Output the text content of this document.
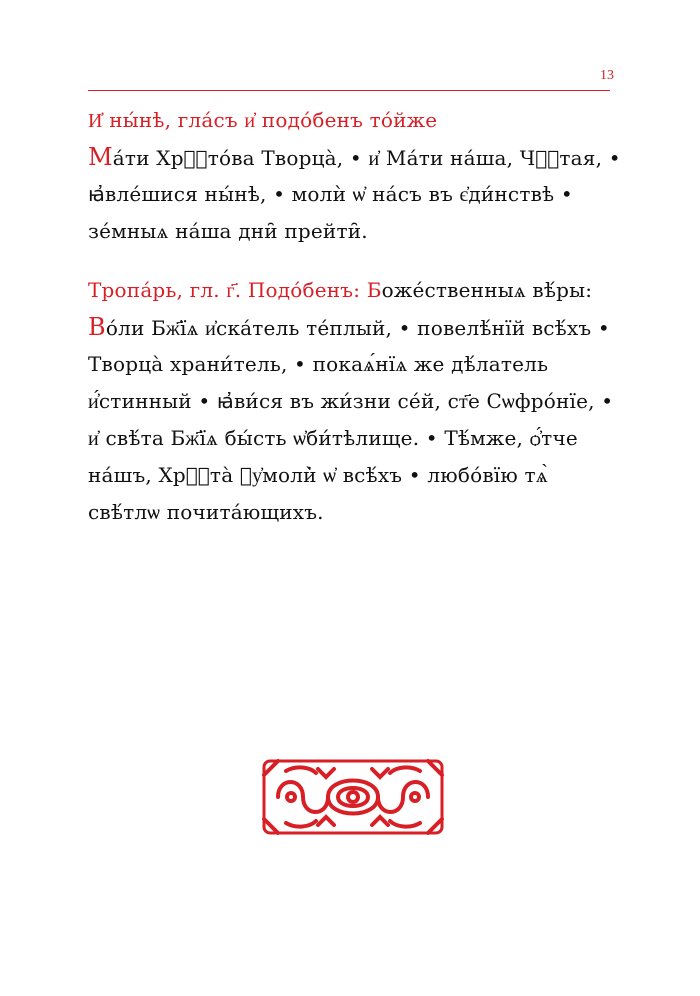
13
И҆ ны́нѣ, гла́съ и҆ подо́бенъ то́йже
Ма́ти Хрⷭ҇то́ва Творца̀, • и҆ Ма́ти на́ша, Чⷭ҇тая, •
ꙗ҆вле́шися ны́нѣ, • молѝ ѡ҆ на́съ въ є҆ди́нствѣ •
зе́мныѧ на́ша дни̑ прейти̑.
Тропа́рь, гл. г҃. Подо́бенъ: Боже́ственныѧ вѣ́ры:
Во́ли Бж҃їѧ и҆ска́тель те́плый, • повелѣ́нїй всѣ́хъ •
Творца̀ храни́тель, • покаѧ́нїѧ же дѣ́латель
и҆́стинный • ꙗ҆ви́ся въ жи́зни се́й, ст҃е Сѡфро́нїе, •
и҆ свѣ́та Бж҃їѧ бы́сть ѡ҆би́тѣлище. • Тѣ́мже, ѻ҆́тче
на́шъ, Хрⷭ҇та̀ ᲂу҆моли̇̀ ѡ҆ всѣ́хъ • любо́вїю тѧ̀
свѣ́тлѡ почита́ющихъ.
